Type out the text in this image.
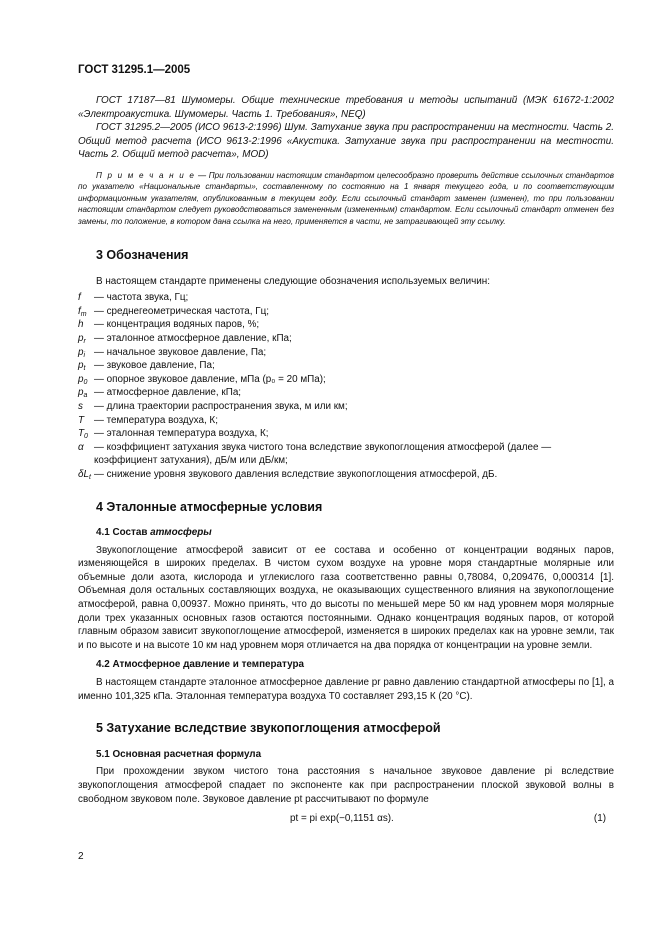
ГОСТ 31295.1—2005

ГОСТ 17187—81 Шумомеры. Общие технические требования и методы испытаний (МЭК 61672-1:2002 «Электроакустика. Шумомеры. Часть 1. Требования», NEQ)

ГОСТ 31295.2—2005 (ИСО 9613-2:1996) Шум. Затухание звука при распространении на местности. Часть 2. Общий метод расчета (ИСО 9613-2:1996 «Акустика. Затухание звука при распространении на местности. Часть 2. Общий метод расчета», MOD)

П р и м е ч а н и е — При пользовании настоящим стандартом целесообразно проверить действие ссылочных стандартов по указателю «Национальные стандарты», составленному по состоянию на 1 января текущего года, и по соответствующим информационным указателям, опубликованным в текущем году. Если ссылочный стандарт заменен (изменен), то при пользовании настоящим стандартом следует руководствоваться замененным (измененным) стандартом. Если ссылочный стандарт отменен без замены, то положение, в котором дана ссылка на него, применяется в части, не затрагивающей эту ссылку.

3 Обозначения

В настоящем стандарте применены следующие обозначения используемых величин:

f	— частота звука, Гц;
$f_m$ — среднегеометрическая частота, Гц;
h	— концентрация водяных паров, %;
$p_r$ — эталонное атмосферное давление, кПа;
$p_i$ — начальное звуковое давление, Па;
$p_t$ — звуковое давление, Па;
$p_0$ — опорное звуковое давление, мПа (p₀ = 20 мПа);
$p_a$ — атмосферное давление, кПа;
s	— длина траектории распространения звука, м или км;
T	— температура воздуха, К;
$T_0$ — эталонная температура воздуха, К;
α	— коэффициент затухания звука чистого тона вследствие звукопоглощения атмосферой (далее — коэффициент затухания), дБ/м или дБ/км;
$\delta L_t$ — снижение уровня звукового давления вследствие звукопоглощения атмосферой, дБ.
4 Эталонные атмосферные условия
4.1 Состав атмосферы

Звукопоглощение атмосферой зависит от ее состава и особенно от концентрации водяных паров, изменяющейся в широких пределах. В чистом сухом воздухе на уровне моря стандартные молярные или объемные доли азота, кислорода и углекислого газа соответственно равны 0,78084, 0,209476, 0,000314 [1]. Объемная доля остальных составляющих воздуха, не оказывающих существенного влияния на звукопоглощение атмосферой, равна 0,00937. Можно принять, что до высоты по меньшей мере 50 км над уровнем моря молярные доли трех указанных основных газов остаются постоянными. Однако концентрация водяных паров, от которой главным образом зависит звукопоглощение атмосферой, изменяется в широких пределах как на уровне земли, так и по высоте и на высоте 10 км над уровнем моря отличается на два порядка от концентрации на уровне земли.

4.2 Атмосферное давление и температура

В настоящем стандарте эталонное атмосферное давление pr равно давлению стандартной атмосферы по [1], а именно 101,325 кПа. Эталонная температура воздуха T0 составляет 293,15 К (20 °С).

5 Затухание вследствие звукопоглощения атмосферой
5.1 Основная расчетная формула

При прохождении звуком чистого тона расстояния s начальное звуковое давление pi вследствие звукопоглощения атмосферой спадает по экспоненте как при распространении плоской звуковой волны в свободном звуковом поле. Звуковое давление pt рассчитывают по формуле

pt = pi exp(−0,1151 αs).	(1)
2
